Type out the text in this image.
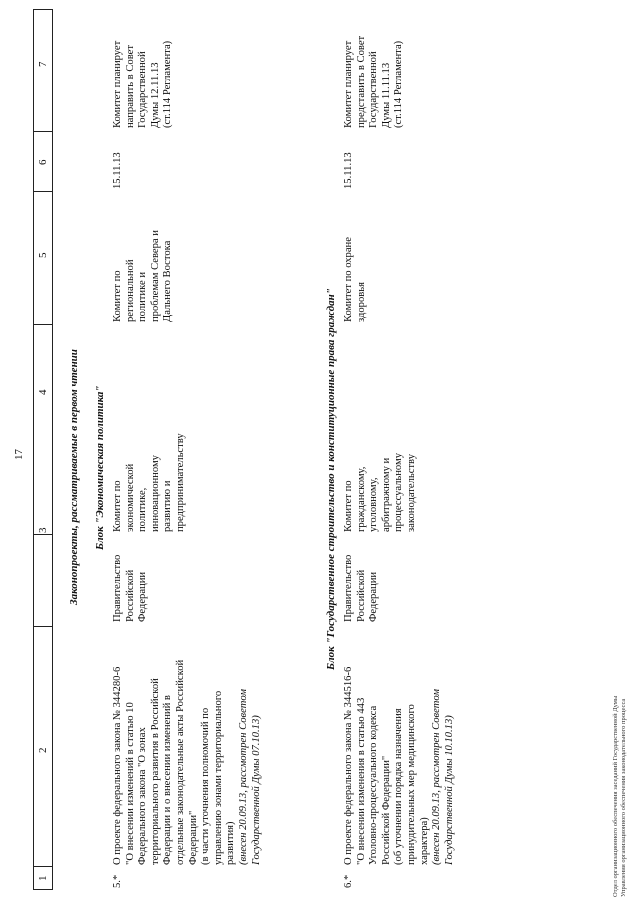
17
1
2
3
4
5
6
7
Законопроекты, рассматриваемые в первом чтении Блок "Экономическая политика"
5.*
О проекте федерального закона № 344280-6
"О внесении изменений в статью 10
Федерального закона "О зонах
территориального развития в Российской
Федерации и о внесении изменений в
отдельные законодательные акты Российской
Федерации"
(в части уточнения полномочий по
управлению зонами территориального
развития) (внесен 20.09.13, рассмотрен Советом
Государственной Думы 07.10.13)
Правительство
Российской
Федерации
Комитет по
экономической
политике,
инновационному
развитию и
предпринимательству
Комитет по
региональной
политике и
проблемам Севера и
Дальнего Востока
15.11.13
Комитет планирует
направить в Совет
Государственной
Думы 12.11.13
(ст.114 Регламента)
Блок "Государственное строительство и конституционные права граждан"
6.*
О проекте федерального закона № 344516-6
"О внесении изменения в статью 443
Уголовно-процессуального кодекса
Российской Федерации"
(об уточнении порядка назначения
принудительных мер медицинского
характера) (внесен 20.09.13, рассмотрен Советом
Государственной Думы 10.10.13)
Правительство
Российской
Федерации
Комитет по
гражданскому,
уголовному,
арбитражному и
процессуальному
законодательству
Комитет по охране
здоровья
15.11.13
Комитет планирует
представить в Совет
Государственной
Думы 11.11.13
(ст.114 Регламента)
Отдел организационного обеспечения заседаний Государственной Думы
Управления организационного обеспечения законодательного процесса
